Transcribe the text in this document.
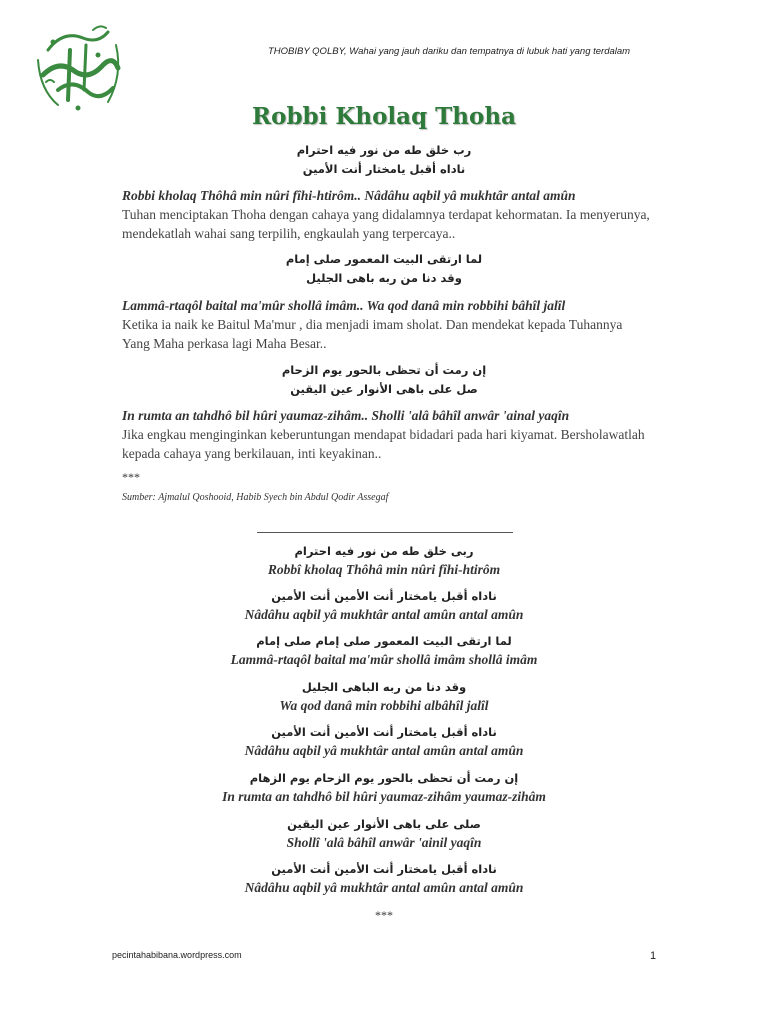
THOBIBY QOLBY, Wahai yang jauh dariku dan tempatnya di lubuk hati yang terdalam
Robbi Kholaq Thoha
رب خلق طه من نور فيه احترام
ناداه أقبل يامختار أنت الأمين
Robbi kholaq Thôhâ min nûri fîhi-htirôm.. Nâdâhu aqbil yâ mukhtâr antal amûn
Tuhan menciptakan Thoha dengan cahaya yang didalamnya terdapat kehormatan. Ia menyerunya, mendekatlah wahai sang terpilih, engkaulah yang terpercaya..
لما ارتقى البيت المعمور صلى إمام
وقد دنا من ربه باهى الجليل
Lammâ-rtaqôl baital ma'mûr shollâ imâm.. Wa qod danâ min robbihi bâhîl jalîl
Ketika ia naik ke Baitul Ma'mur , dia menjadi imam sholat. Dan mendekat kepada Tuhannya Yang Maha perkasa lagi Maha Besar..
إن رمت أن تحظى بالحور يوم الزحام
صل على باهى الأنوار عين اليقين
In rumta an tahdhô bil hûri yaumaz-zihâm.. Sholli 'alâ bâhîl anwâr 'ainal yaqîn
Jika engkau menginginkan keberuntungan mendapat bidadari pada hari kiyamat. Bersholawatlah kepada cahaya yang berkilauan, inti keyakinan..
***
Sumber: Ajmalul Qoshooid, Habib Syech bin Abdul Qodir Assegaf
ربى خلق طه من نور فيه احترام
Robbî kholaq Thôhâ min nûri fîhi-htirôm
ناداه أقبل يامختار أنت الأمين أنت الأمين
Nâdâhu aqbil yâ mukhtâr antal amûn antal amûn
لما ارتقى البيت المعمور صلى إمام صلى إمام
Lammâ-rtaqôl baital ma'mûr shollâ imâm shollâ imâm
وقد دنا من ربه الباهى الجليل
Wa qod danâ min robbihi albâhîl jalîl
ناداه أقبل يامختار أنت الأمين أنت الأمين
Nâdâhu aqbil yâ mukhtâr antal amûn antal amûn
إن رمت أن تحظى بالحور يوم الزحام يوم الزهام
In rumta an tahdhô bil hûri yaumaz-zihâm yaumaz-zihâm
صلى على باهى الأنوار عين اليقين
Shollî 'alâ bâhîl anwâr 'ainil yaqîn
ناداه أقبل يامختار أنت الأمين أنت الأمين
Nâdâhu aqbil yâ mukhtâr antal amûn antal amûn
***
pecintahabibana.wordpress.com	1
